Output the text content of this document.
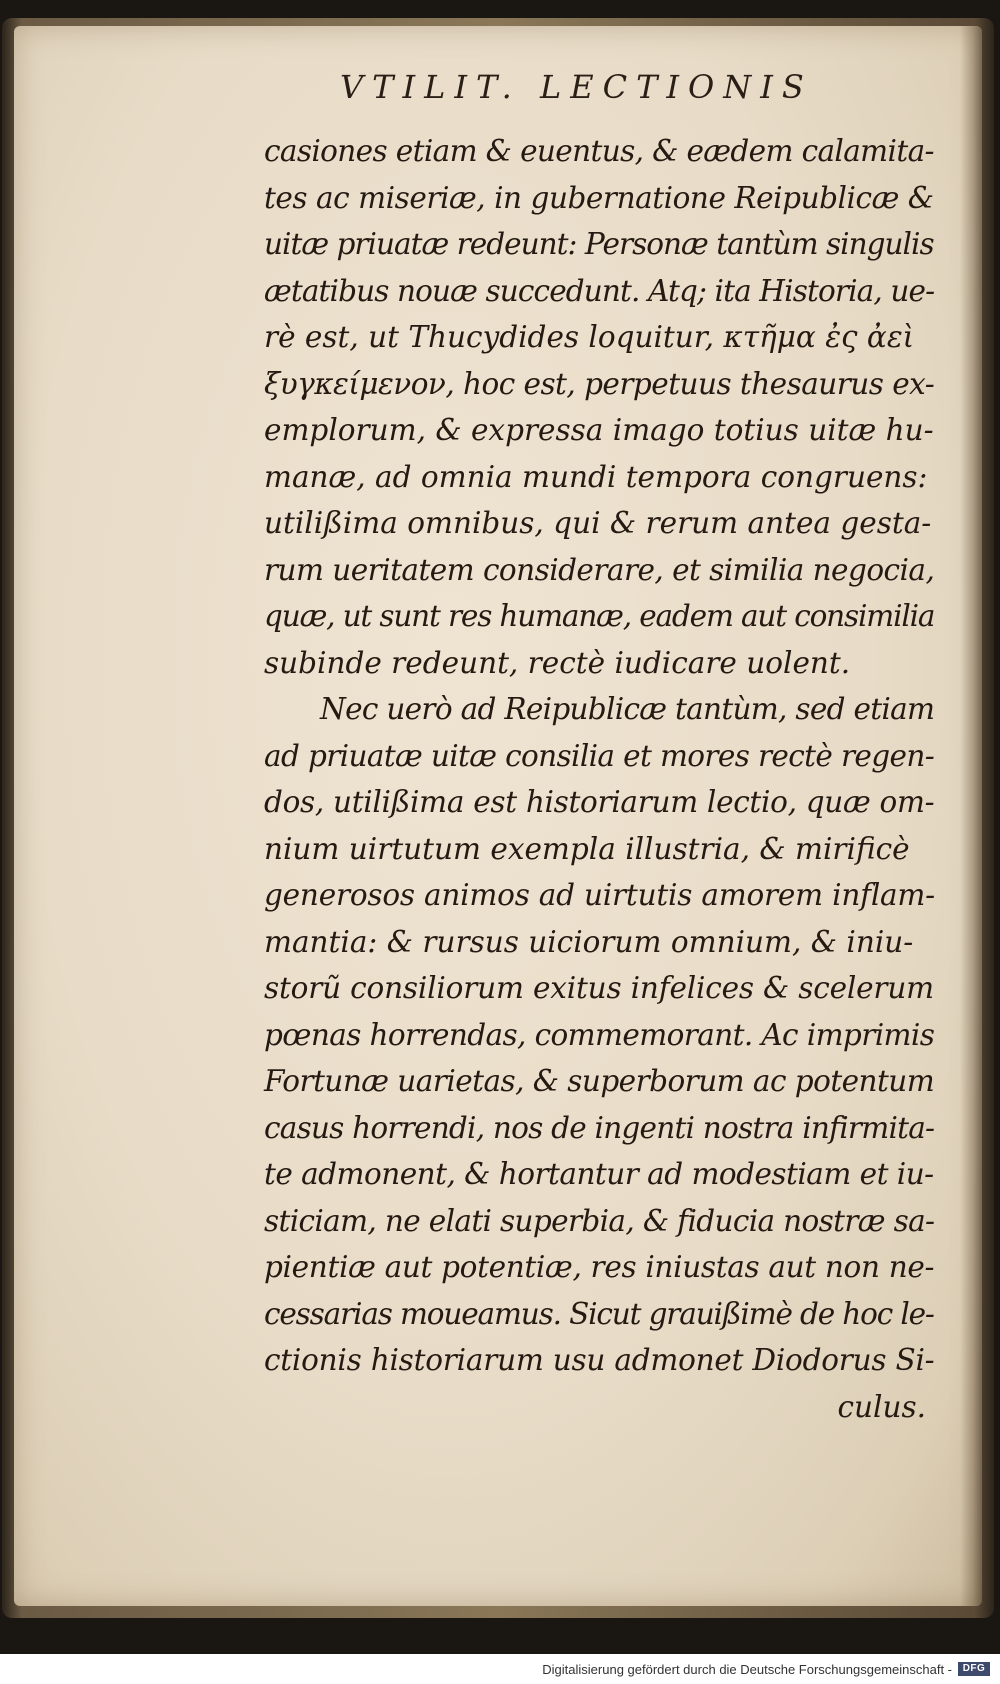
VTILIT. LECTIONIS
casiones etiam & euentus, & eædem calamita-
tes ac miseriæ, in gubernatione Reipublicæ &
uitæ priuatæ redeunt: Personæ tantùm singulis
ætatibus nouæ succedunt. Atq; ita Historia, ue-
rè est, ut Thucydides loquitur, κτῆμα ἐς ἀεὶ
ξυγκείμενον, hoc est, perpetuus thesaurus ex-
emplorum, & expressa imago totius uitæ hu-
manæ, ad omnia mundi tempora congruens:
utilißima omnibus, qui & rerum antea gesta-
rum ueritatem considerare, et similia negocia,
quæ, ut sunt res humanæ, eadem aut consimilia
subinde redeunt, rectè iudicare uolent.
Nec uerò ad Reipublicæ tantùm, sed etiam
ad priuatæ uitæ consilia et mores rectè regen-
dos, utilißima est historiarum lectio, quæ om-
nium uirtutum exempla illustria, & mirificè
generosos animos ad uirtutis amorem inflam-
mantia: & rursus uiciorum omnium, & iniu-
storũ consiliorum exitus infelices & scelerum
pœnas horrendas, commemorant. Ac imprimis
Fortunæ uarietas, & superborum ac potentum
casus horrendi, nos de ingenti nostra infirmita-
te admonent, & hortantur ad modestiam et iu-
sticiam, ne elati superbia, & fiducia nostræ sa-
pientiæ aut potentiæ, res iniustas aut non ne-
cessarias moueamus. Sicut grauißimè de hoc le-
ctionis historiarum usu admonet Diodorus Si-
culus.
Digitalisierung gefördert durch die Deutsche Forschungsgemeinschaft -	DFG
